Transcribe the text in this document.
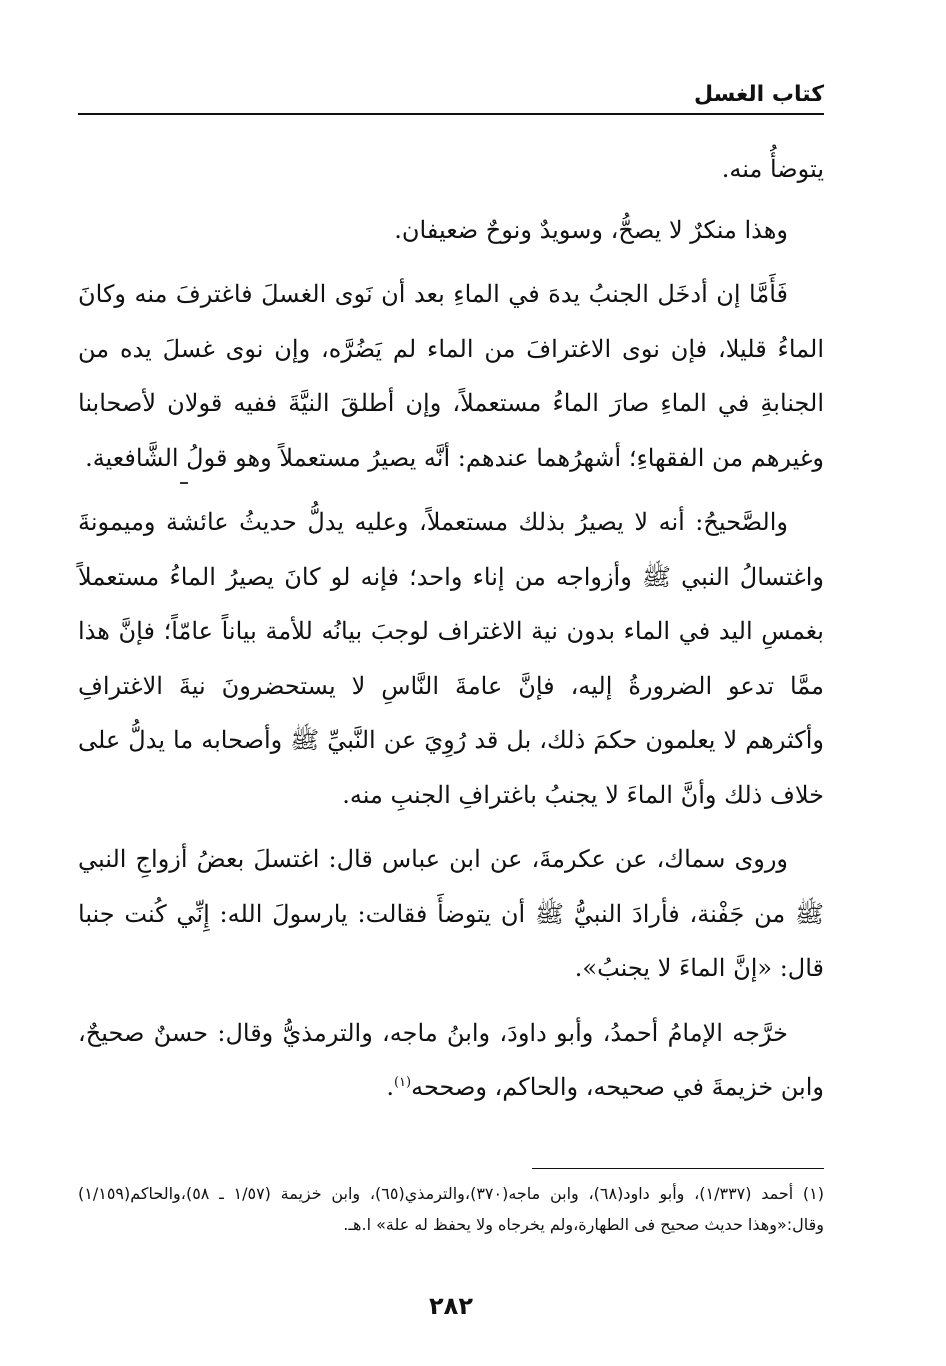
كتاب الغسل

يتوضأُ منه.

وهذا منكرٌ لا يصحُّ، وسويدٌ ونوحٌ ضعيفان.

فَأَمَّا إن أدخَل الجنبُ يدهَ في الماءِ بعد أن نَوى الغسلَ فاغترفَ منه وكانَ الماءُ قليلا، فإن نوى الاغترافَ من الماء لم يَضُرَّه، وإن نوى غسلَ يده من الجنابةِ في الماءِ صارَ الماءُ مستعملاً، وإن أطلقَ النيَّةَ ففيه قولان لأصحابنا وغيرهم من الفقهاءِ؛ أشهرُهما عندهم: أنَّه يصيرُ مستعملاً وهو قولُ الشَّافعية.

والصَّحيحُ: أنه لا يصيرُ بذلك مستعملاً، وعليه يدلُّ حديثُ عائشة وميمونةَ واغتسالُ النبي ﷺ وأزواجه من إناء واحد؛ فإنه لو كانَ يصيرُ الماءُ مستعملاً بغمسِ اليد في الماء بدون نية الاغتراف لوجبَ بيانُه للأمة بياناً عامّاً؛ فإنَّ هذا ممَّا تدعو الضرورةُ إليه، فإنَّ عامةَ النَّاسِ لا يستحضرونَ نيةَ الاغترافِ وأكثرهم لا يعلمون حكمَ ذلك، بل قد رُوِيَ عن النَّبيِّ ﷺ وأصحابه ما يدلُّ على خلاف ذلك وأنَّ الماءَ لا يجنبُ باغترافِ الجنبِ منه.

وروى سماك، عن عكرمةَ، عن ابن عباس قال: اغتسلَ بعضُ أزواجِ النبي ﷺ من جَفْنة، فأرادَ النبيُّ ﷺ أن يتوضأَ فقالت: يارسولَ الله: إِنِّي كُنت جنبا قال: «إنَّ الماءَ لا يجنبُ».

خرَّجه الإمامُ أحمدُ، وأبو داودَ، وابنُ ماجه، والترمذيُّ وقال: حسنٌ صحيحٌ، وابن خزيمةَ في صحيحه، والحاكم، وصححه$^{(١)}$.

(١) أحمد (١/٣٣٧)، وأبو داود(٦٨)، وابن ماجه(٣٧٠)،والترمذي(٦٥)، وابن خزيمة (١/٥٧ ـ ٥٨)،والحاكم(١/١٥٩) وقال:«وهذا حديث صحيح فى الطهارة،ولم يخرجاه ولا يحفظ له علة» ا.هـ.
٢٨٢
